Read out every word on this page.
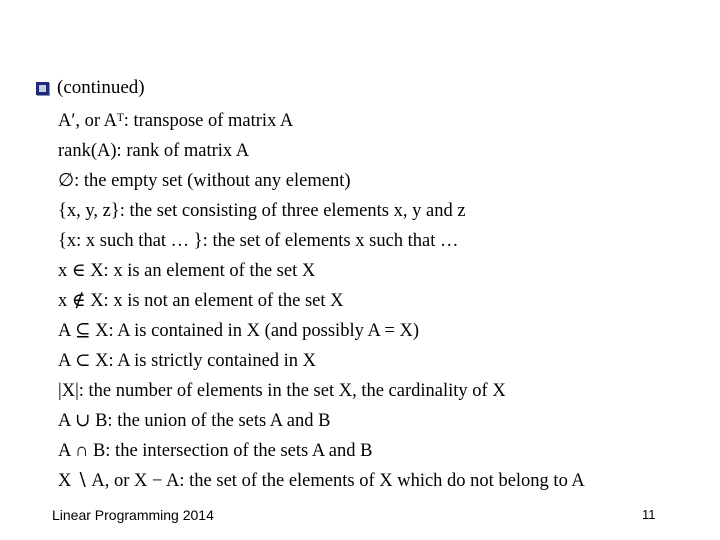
(continued)
A′, or Aᵀ: transpose of matrix A
rank(A): rank of matrix A
∅: the empty set (without any element)
{x, y, z}: the set consisting of three elements x, y and z
{x: x such that … }: the set of elements x such that …
x ∈ X: x is an element of the set X
x ∉ X: x is not an element of the set X
A ⊆ X: A is contained in X (and possibly A = X)
A ⊂ X: A is strictly contained in X
|X|: the number of elements in the set X, the cardinality of X
A ∪ B: the union of the sets A and B
A ∩ B: the intersection of the sets A and B
X ∖ A, or X − A: the set of the elements of X which do not belong to A
Linear Programming 2014	11
